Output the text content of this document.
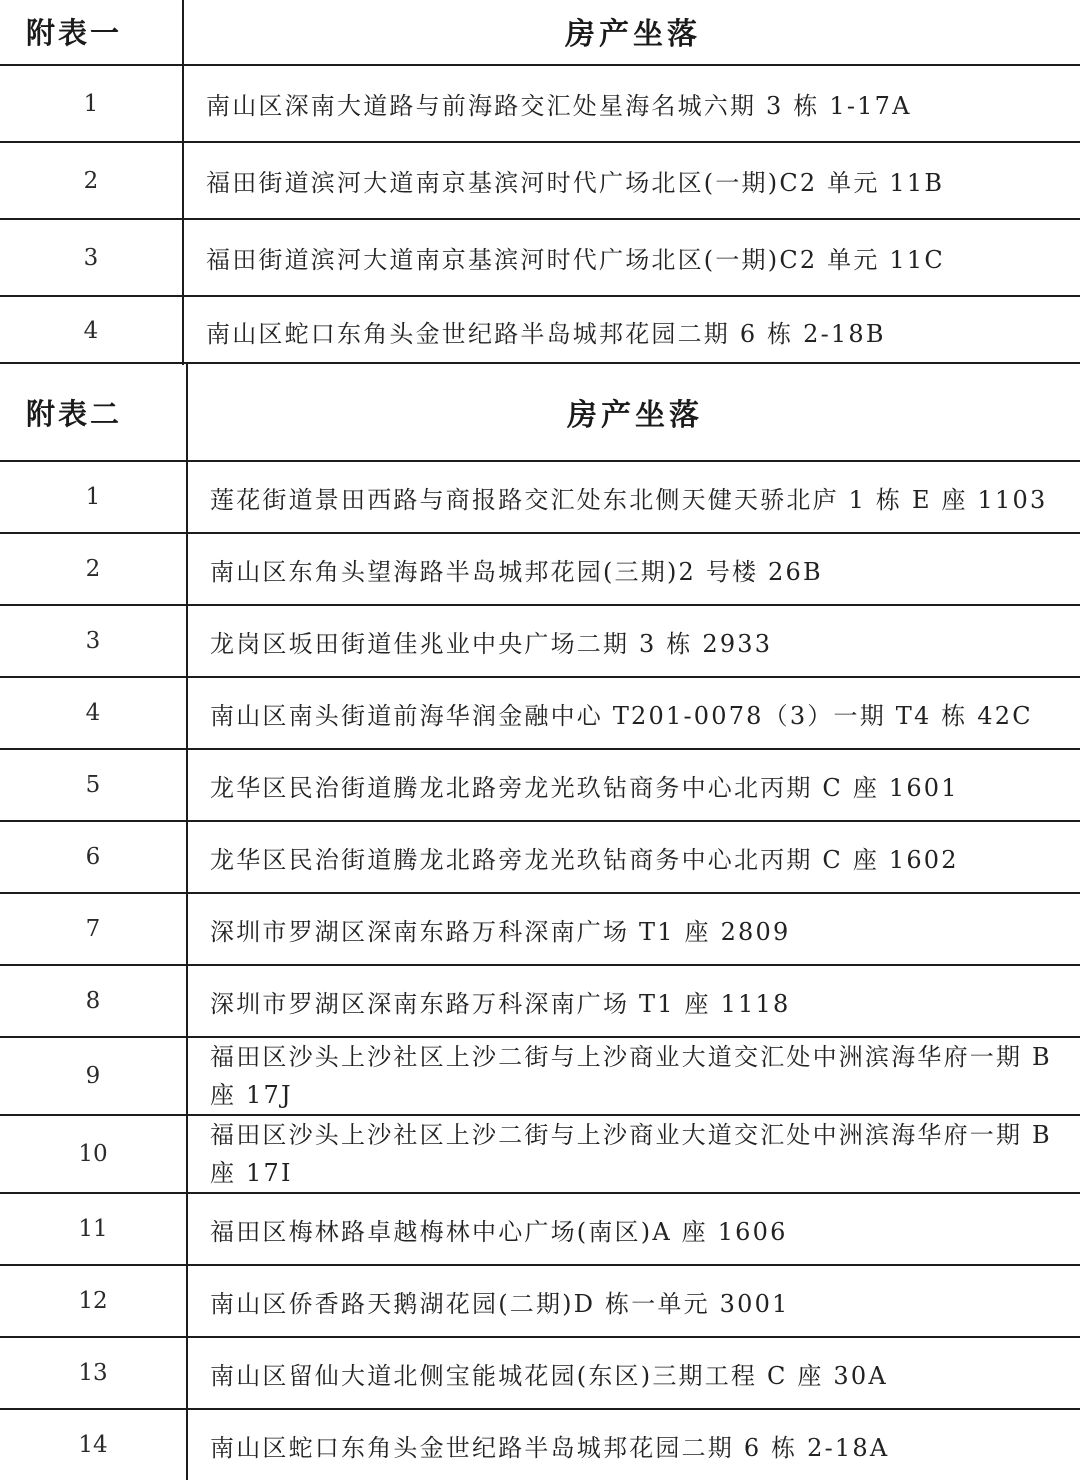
附表一	房产坐落
1	南山区深南大道路与前海路交汇处星海名城六期 3 栋 1-17A
2	福田街道滨河大道南京基滨河时代广场北区(一期)C2 单元 11B
3	福田街道滨河大道南京基滨河时代广场北区(一期)C2 单元 11C
4	南山区蛇口东角头金世纪路半岛城邦花园二期 6 栋 2-18B
附表二	房产坐落
1	莲花街道景田西路与商报路交汇处东北侧天健天骄北庐 1 栋 E 座 1103
2	南山区东角头望海路半岛城邦花园(三期)2 号楼 26B
3	龙岗区坂田街道佳兆业中央广场二期 3 栋 2933
4	南山区南头街道前海华润金融中心 T201-0078（3）一期 T4 栋 42C
5	龙华区民治街道腾龙北路旁龙光玖钻商务中心北丙期 C 座 1601
6	龙华区民治街道腾龙北路旁龙光玖钻商务中心北丙期 C 座 1602
7	深圳市罗湖区深南东路万科深南广场 T1 座 2809
8	深圳市罗湖区深南东路万科深南广场 T1 座 1118
9	福田区沙头上沙社区上沙二街与上沙商业大道交汇处中洲滨海华府一期 B 座 17J
10	福田区沙头上沙社区上沙二街与上沙商业大道交汇处中洲滨海华府一期 B 座 17I
11	福田区梅林路卓越梅林中心广场(南区)A 座 1606
12	南山区侨香路天鹅湖花园(二期)D 栋一单元 3001
13	南山区留仙大道北侧宝能城花园(东区)三期工程 C 座 30A
14	南山区蛇口东角头金世纪路半岛城邦花园二期 6 栋 2-18A
